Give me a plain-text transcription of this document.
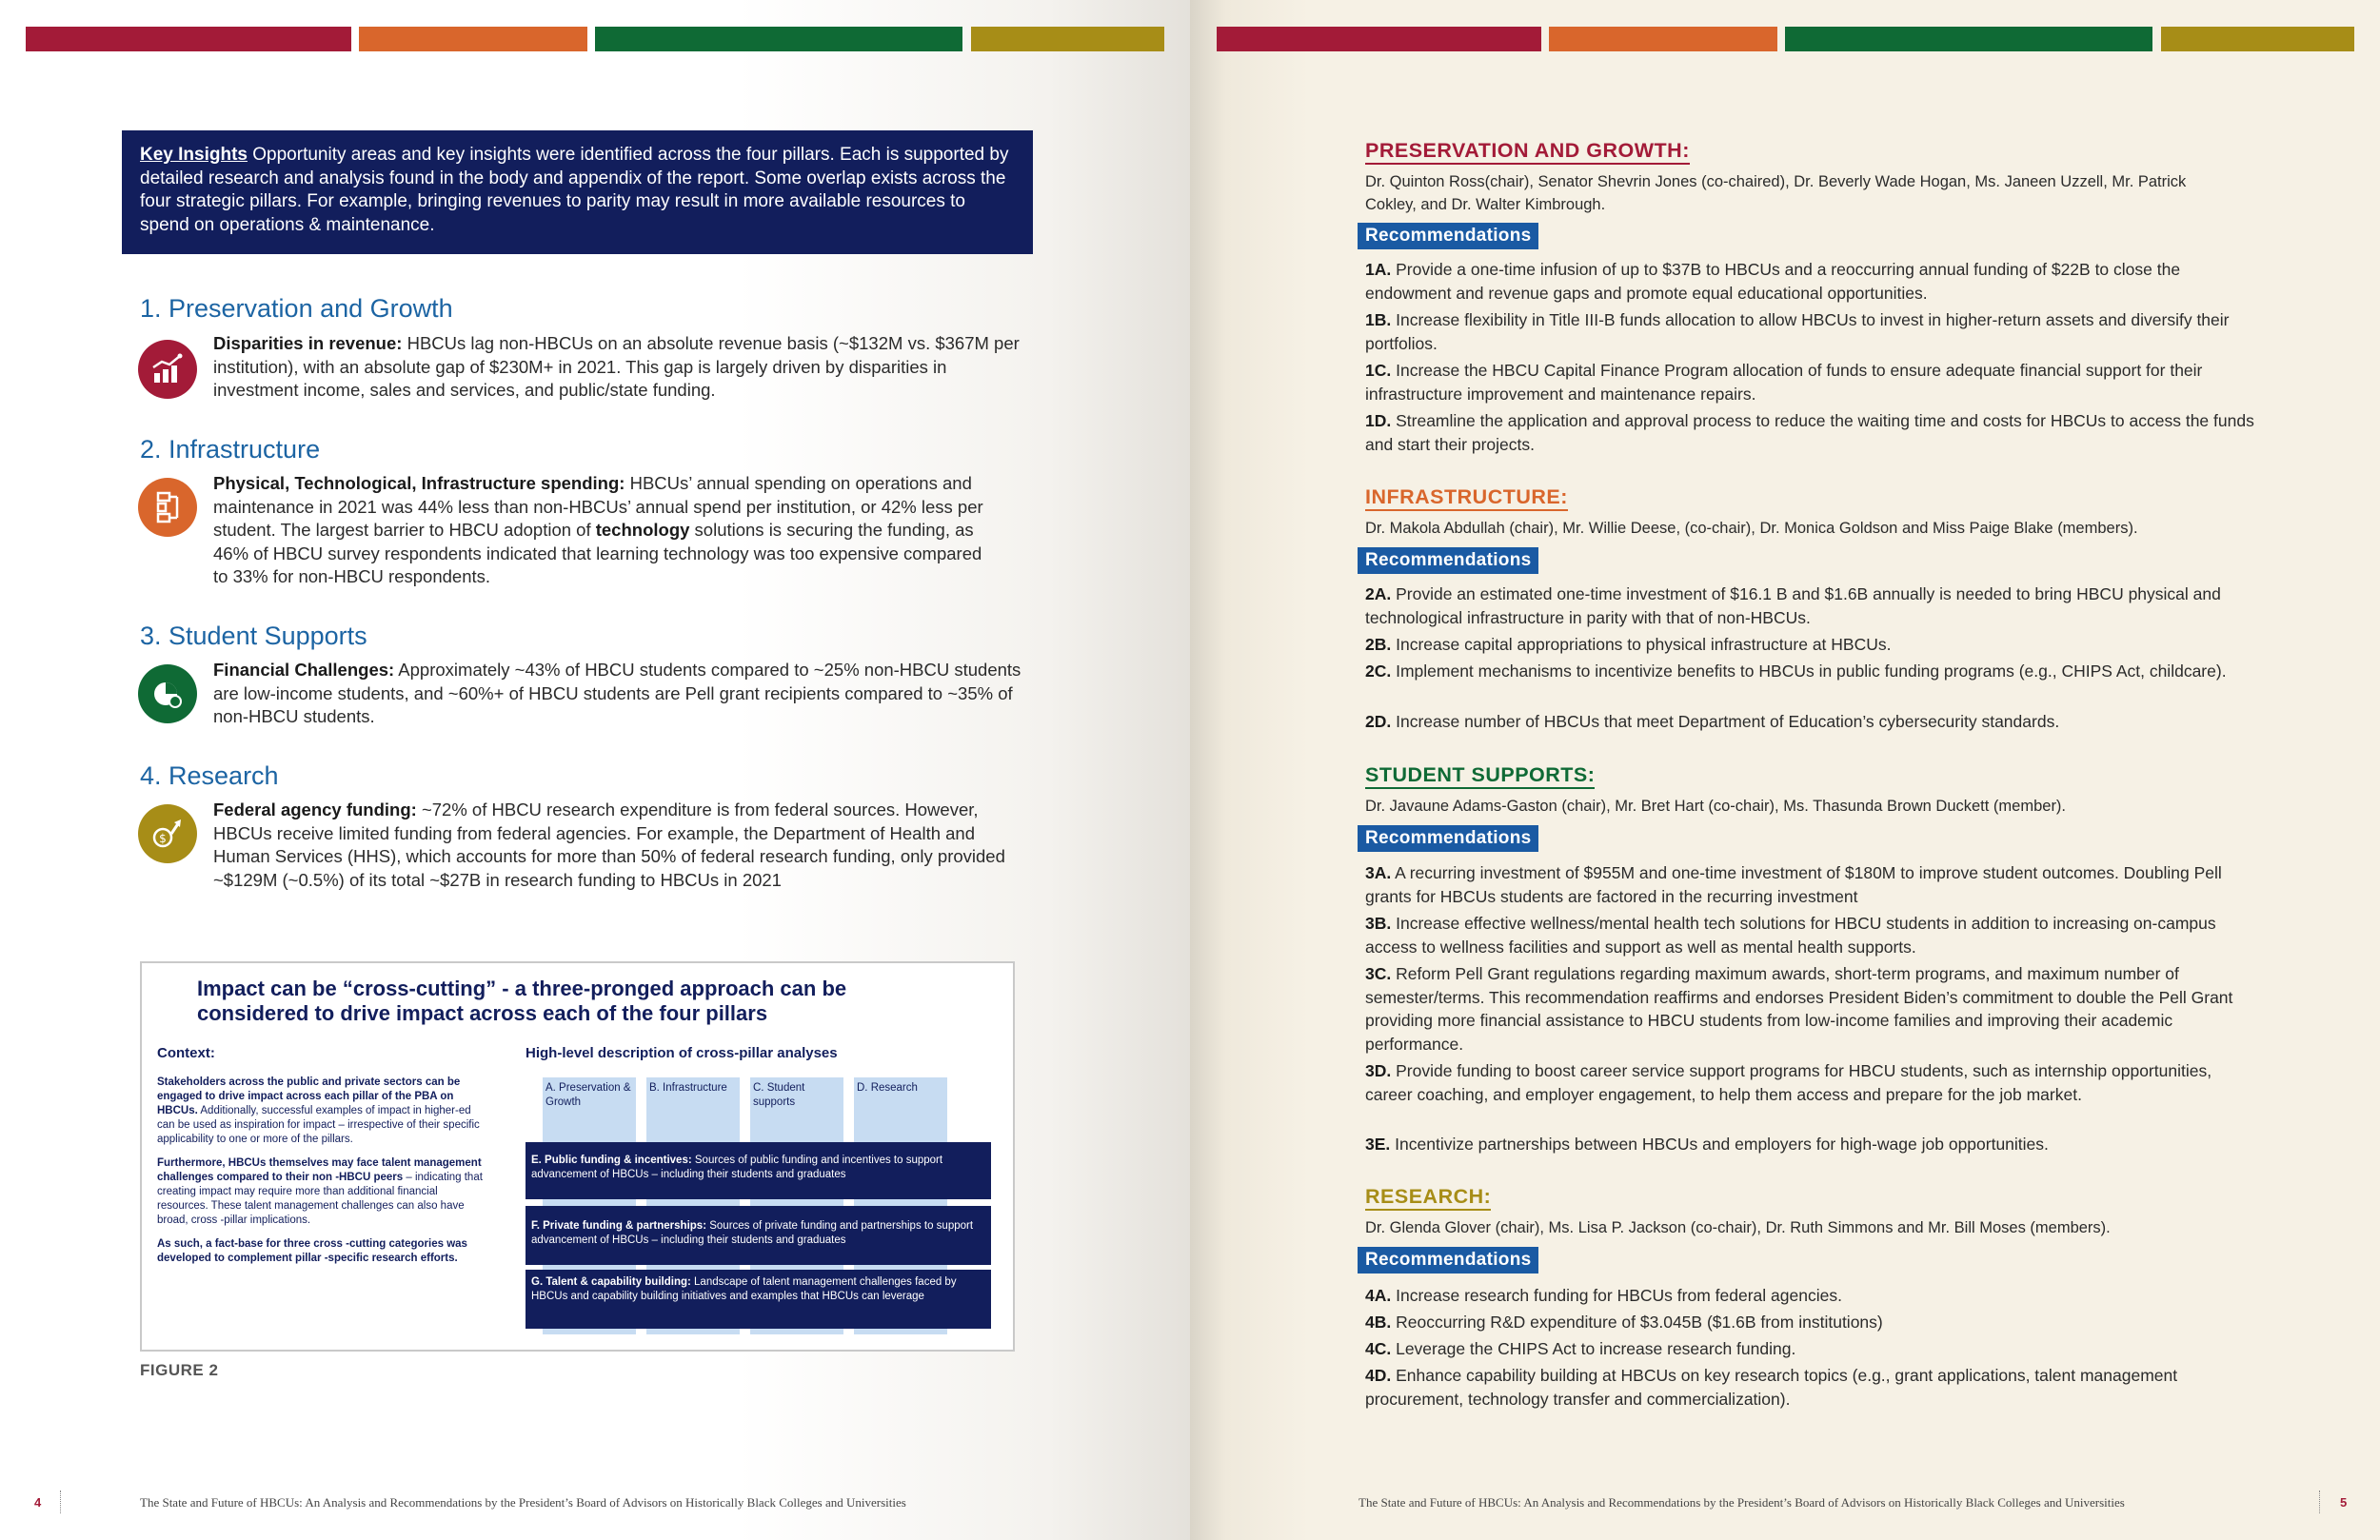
Key Insights Opportunity areas and key insights were identified across the four pillars. Each is supported by detailed research and analysis found in the body and appendix of the report. Some overlap exists across the four strategic pillars. For example, bringing revenues to parity may result in more available resources to spend on operations & maintenance.
1. Preservation and Growth
Disparities in revenue: HBCUs lag non-HBCUs on an absolute revenue basis (~$132M vs. $367M per institution), with an absolute gap of $230M+ in 2021. This gap is largely driven by disparities in investment income, sales and services, and public/state funding.
2. Infrastructure
Physical, Technological, Infrastructure spending: HBCUs’ annual spending on operations and maintenance in 2021 was 44% less than non-HBCUs’ annual spend per institution, or 42% less per student. The largest barrier to HBCU adoption of technology solutions is securing the funding, as 46% of HBCU survey respondents indicated that learning technology was too expensive compared to 33% for non-HBCU respondents.
3. Student Supports
Financial Challenges: Approximately ~43% of HBCU students compared to ~25% non-HBCU students are low-income students, and ~60%+ of HBCU students are Pell grant recipients compared to ~35% of non-HBCU students.
4. Research
$
Federal agency funding: ~72% of HBCU research expenditure is from federal sources. However, HBCUs receive limited funding from federal agencies. For example, the Department of Health and Human Services (HHS), which accounts for more than 50% of federal research funding, only provided ~$129M (~0.5%) of its total ~$27B in research funding to HBCUs in 2021
Impact can be “cross-cutting” - a three-pronged approach can be considered to drive impact across each of the four pillars
Context:

Stakeholders across the public and private sectors can be engaged to drive impact across each pillar of the PBA on HBCUs. Additionally, successful examples of impact in higher-ed can be used as inspiration for impact – irrespective of their specific applicability to one or more of the pillars.

Furthermore, HBCUs themselves may face talent management challenges compared to their non -HBCU peers – indicating that creating impact may require more than additional financial resources. These talent management challenges can also have broad, cross -pillar implications.

As such, a fact-base for three cross -cutting categories was developed to complement pillar -specific research efforts.

High-level description of cross-pillar analyses
A. Preservation & Growth
B. Infrastructure	C. Student supports
D. Research
E. Public funding & incentives: Sources of public funding and incentives to support advancement of HBCUs – including their students and graduates
F. Private funding & partnerships: Sources of private funding and partnerships to support advancement of HBCUs – including their students and graduates
G. Talent & capability building: Landscape of talent management challenges faced by HBCUs and capability building initiatives and examples that HBCUs can leverage
FIGURE 2
4	The State and Future of HBCUs: An Analysis and Recommendations by the President’s Board of Advisors on Historically Black Colleges and Universities
PRESERVATION AND GROWTH:
Dr. Quinton Ross(chair), Senator Shevrin Jones (co-chaired), Dr. Beverly Wade Hogan, Ms. Janeen Uzzell, Mr. Patrick Cokley, and Dr. Walter Kimbrough.
Recommendations
1A. Provide a one-time infusion of up to $37B to HBCUs and a reoccurring annual funding of $22B to close the endowment and revenue gaps and promote equal educational opportunities.
1B. Increase flexibility in Title III-B funds allocation to allow HBCUs to invest in higher-return assets and diversify their portfolios.
1C. Increase the HBCU Capital Finance Program allocation of funds to ensure adequate financial support for their infrastructure improvement and maintenance repairs.
1D. Streamline the application and approval process to reduce the waiting time and costs for HBCUs to access the funds and start their projects.
INFRASTRUCTURE:
Dr. Makola Abdullah (chair), Mr. Willie Deese, (co-chair), Dr. Monica Goldson and Miss Paige Blake (members).
Recommendations
2A. Provide an estimated one-time investment of $16.1 B and $1.6B annually is needed to bring HBCU physical and technological infrastructure in parity with that of non-HBCUs.
2B. Increase capital appropriations to physical infrastructure at HBCUs.
2C. Implement mechanisms to incentivize benefits to HBCUs in public funding programs (e.g., CHIPS Act, childcare).
2D. Increase number of HBCUs that meet Department of Education’s cybersecurity standards.
STUDENT SUPPORTS:
Dr. Javaune Adams-Gaston (chair), Mr. Bret Hart (co-chair), Ms. Thasunda Brown Duckett (member).
Recommendations
3A. A recurring investment of $955M and one-time investment of $180M to improve student outcomes. Doubling Pell grants for HBCUs students are factored in the recurring investment
3B. Increase effective wellness/mental health tech solutions for HBCU students in addition to increasing on-campus access to wellness facilities and support as well as mental health supports.
3C. Reform Pell Grant regulations regarding maximum awards, short-term programs, and maximum number of semester/terms. This recommendation reaffirms and endorses President Biden’s commitment to double the Pell Grant providing more financial assistance to HBCU students from low-income families and improving their academic performance.
3D. Provide funding to boost career service support programs for HBCU students, such as internship opportunities, career coaching, and employer engagement, to help them access and prepare for the job market.
3E. Incentivize partnerships between HBCUs and employers for high-wage job opportunities.
RESEARCH:
Dr. Glenda Glover (chair), Ms. Lisa P. Jackson (co-chair), Dr. Ruth Simmons and Mr. Bill Moses (members).
Recommendations
4A. Increase research funding for HBCUs from federal agencies.
4B. Reoccurring R&D expenditure of $3.045B ($1.6B from institutions)
4C. Leverage the CHIPS Act to increase research funding.
4D. Enhance capability building at HBCUs on key research topics (e.g., grant applications, talent management procurement, technology transfer and commercialization).
The State and Future of HBCUs: An Analysis and Recommendations by the President’s Board of Advisors on Historically Black Colleges and Universities	5
